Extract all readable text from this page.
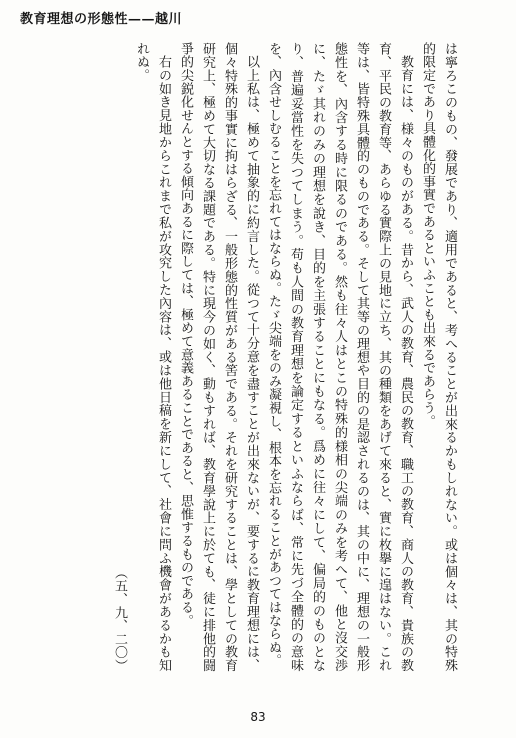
教育理想の形態性——越川

は寧ろこのもの、發展であり、適用であると、考へることが出來るかもしれない。或は個々は、其の特殊的限定であり具體化的事實であるといふことも出來るであらう。

教育には、様々のものがある。昔から、武人の教育、農民の教育、職工の教育、商人の教育、貴族の教育、平民の教育等、あらゆる實際上の見地に立ち、其の種類をあげて來ると、實に枚擧に遑はない。これ等は、皆特殊具體的のものである。そして其等の理想や目的の是認されるのは、其の中に、理想の一般形態性を、內含する時に限るのである。然も往々人はとこの特殊的様相の尖端のみを考へて、他と沒交渉に、たゞ其れのみの理想を說き、目的を主張することにもなる。爲めに往々にして、偏局的のものとなり、普遍妥當性を失つてしまう。苟も人間の教育理想を論定するといふならば、常に先づ全體的の意味を、內含せしむることを忘れてはならぬ。たゞ尖端をのみ凝視し、根本を忘れることがあつてはならぬ。

以上私は、極めて抽象的に約言した。從つて十分意を盡すことが出來ないが、要するに教育理想には、個々特殊的事實に拘はらざる、一般形態的性質がある筈である。それを研究することは、學としての教育研究上、極めて大切なる課題である。特に現今の如く、動もすれば、教育學說上に於ても、徒に排他的闘爭的尖鋭化せんとする傾向あるに際しては、極めて意義あることであると、思惟するものである。

右の如き見地からこれまで私が攻究した內容は、或は他日稿を新にして、社會に問ふ機會があるかも知れぬ。

（五、九、二〇）

83
